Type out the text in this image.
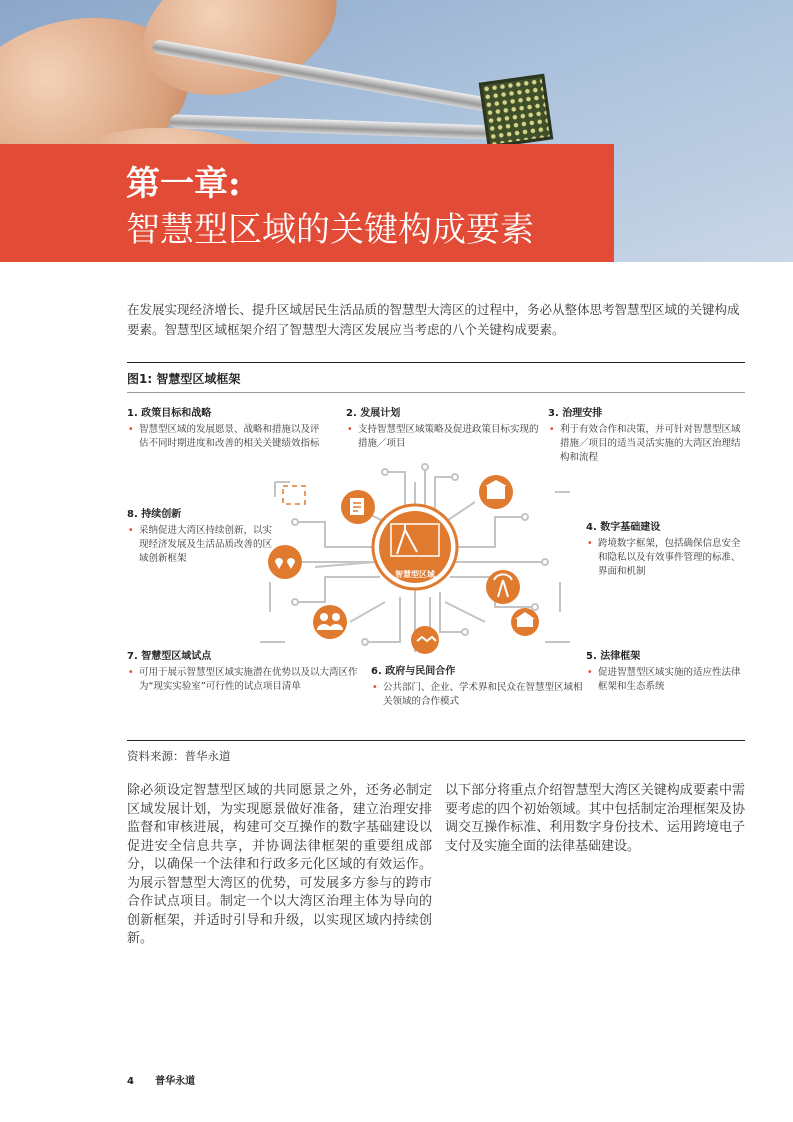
第一章:
智慧型区域的关键构成要素
在发展实现经济增长、提升区域居民生活品质的智慧型大湾区的过程中，务必从整体思考智慧型区域的关键构成要素。智慧型区域框架介绍了智慧型大湾区发展应当考虑的八个关键构成要素。
图1: 智慧型区域框架
1. 政策目标和战略
• 智慧型区域的发展愿景、战略和措施以及评估不同时期进度和改善的相关关键绩效指标
2. 发展计划
• 支持智慧型区域策略及促进政策目标实现的措施／项目
3. 治理安排
• 利于有效合作和决策，并可针对智慧型区域措施／项目的适当灵活实施的大湾区治理结构和流程
4. 数字基础建设
• 跨境数字框架，包括确保信息安全和隐私以及有效事件管理的标准、界面和机制
5. 法律框架
• 促进智慧型区域实施的适应性法律框架和生态系统
6. 政府与民间合作
• 公共部门、企业、学术界和民众在智慧型区域相关领域的合作模式
7. 智慧型区域试点
• 可用于展示智慧型区域实施潜在优势以及以大湾区作为“现实实验室”可行性的试点项目清单
8. 持续创新
• 采纳促进大湾区持续创新，以实现经济发展及生活品质改善的区域创新框架
智慧型区域
资料来源：普华永道
除必须设定智慧型区域的共同愿景之外，还务必制定区域发展计划，为实现愿景做好准备，建立治理安排监督和审核进展，构建可交互操作的数字基础建设以促进安全信息共享，并协调法律框架的重要组成部分，以确保一个法律和行政多元化区域的有效运作。为展示智慧型大湾区的优势，可发展多方参与的跨市合作试点项目。制定一个以大湾区治理主体为导向的创新框架，并适时引导和升级，以实现区域内持续创新。
以下部分将重点介绍智慧型大湾区关键构成要素中需要考虑的四个初始领域。其中包括制定治理框架及协调交互操作标准、利用数字身份技术、运用跨境电子支付及实施全面的法律基础建设。
4 普华永道
